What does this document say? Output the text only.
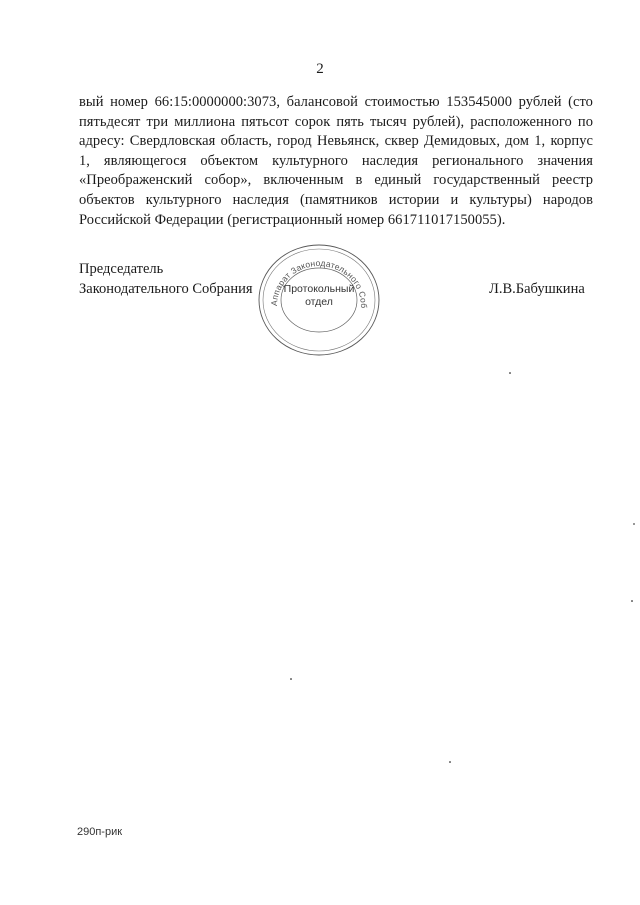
2

вый номер 66:15:0000000:3073, балансовой стоимостью 153545000 рублей (сто пятьдесят три миллиона пятьсот сорок пять тысяч рублей), расположенного по адресу: Свердловская область, город Невьянск, сквер Демидовых, дом 1, корпус 1, являющегося объектом культурного наследия регионального значения «Преображенский собор», включенным в единый государственный реестр объектов культурного наследия (памятников истории и культуры) народов Российской Федерации (регистрационный номер 661711017150055).

Председатель
Законодательного Собрания
Аппарат Законодательного Соб
Протокольный
отдел
Л.В.Бабушкина
290п-рик
